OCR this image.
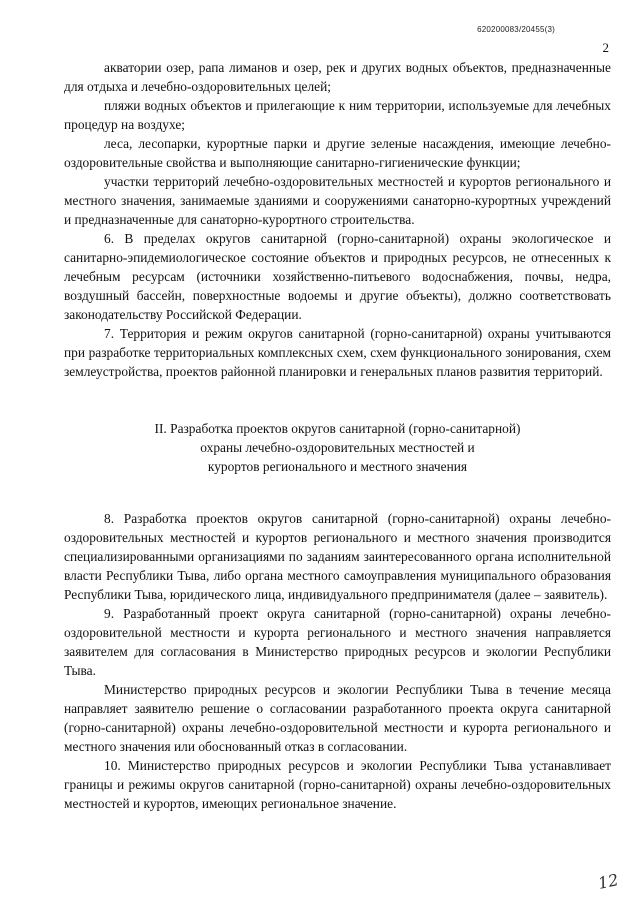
620200083/20455(3)
2

акватории озер, рапа лиманов и озер, рек и других водных объектов, предназначенные для отдыха и лечебно-оздоровительных целей;

пляжи водных объектов и прилегающие к ним территории, используемые для лечебных процедур на воздухе;

леса, лесопарки, курортные парки и другие зеленые насаждения, имеющие лечебно-оздоровительные свойства и выполняющие санитарно-гигиенические функции;

участки территорий лечебно-оздоровительных местностей и курортов регионального и местного значения, занимаемые зданиями и сооружениями санаторно-курортных учреждений и предназначенные для санаторно-курортного строительства.

6. В пределах округов санитарной (горно-санитарной) охраны экологическое и санитарно-эпидемиологическое состояние объектов и природных ресурсов, не отнесенных к лечебным ресурсам (источники хозяйственно-питьевого водоснабжения, почвы, недра, воздушный бассейн, поверхностные водоемы и другие объекты), должно соответствовать законодательству Российской Федерации.

7. Территория и режим округов санитарной (горно-санитарной) охраны учитываются при разработке территориальных комплексных схем, схем функционального зонирования, схем землеустройства, проектов районной планировки и генеральных планов развития территорий.

II. Разработка проектов округов санитарной (горно-санитарной)
охраны лечебно-оздоровительных местностей и
курортов регионального и местного значения

8. Разработка проектов округов санитарной (горно-санитарной) охраны лечебно-оздоровительных местностей и курортов регионального и местного значения производится специализированными организациями по заданиям заинтересованного органа исполнительной власти Республики Тыва, либо органа местного самоуправления муниципального образования Республики Тыва, юридического лица, индивидуального предпринимателя (далее – заявитель).

9. Разработанный проект округа санитарной (горно-санитарной) охраны лечебно-оздоровительной местности и курорта регионального и местного значения направляется заявителем для согласования в Министерство природных ресурсов и экологии Республики Тыва.

Министерство природных ресурсов и экологии Республики Тыва в течение месяца направляет заявителю решение о согласовании разработанного проекта округа санитарной (горно-санитарной) охраны лечебно-оздоровительной местности и курорта регионального и местного значения или обоснованный отказ в согласовании.

10. Министерство природных ресурсов и экологии Республики Тыва устанавливает границы и режимы округов санитарной (горно-санитарной) охраны лечебно-оздоровительных местностей и курортов, имеющих региональное значение.

12
